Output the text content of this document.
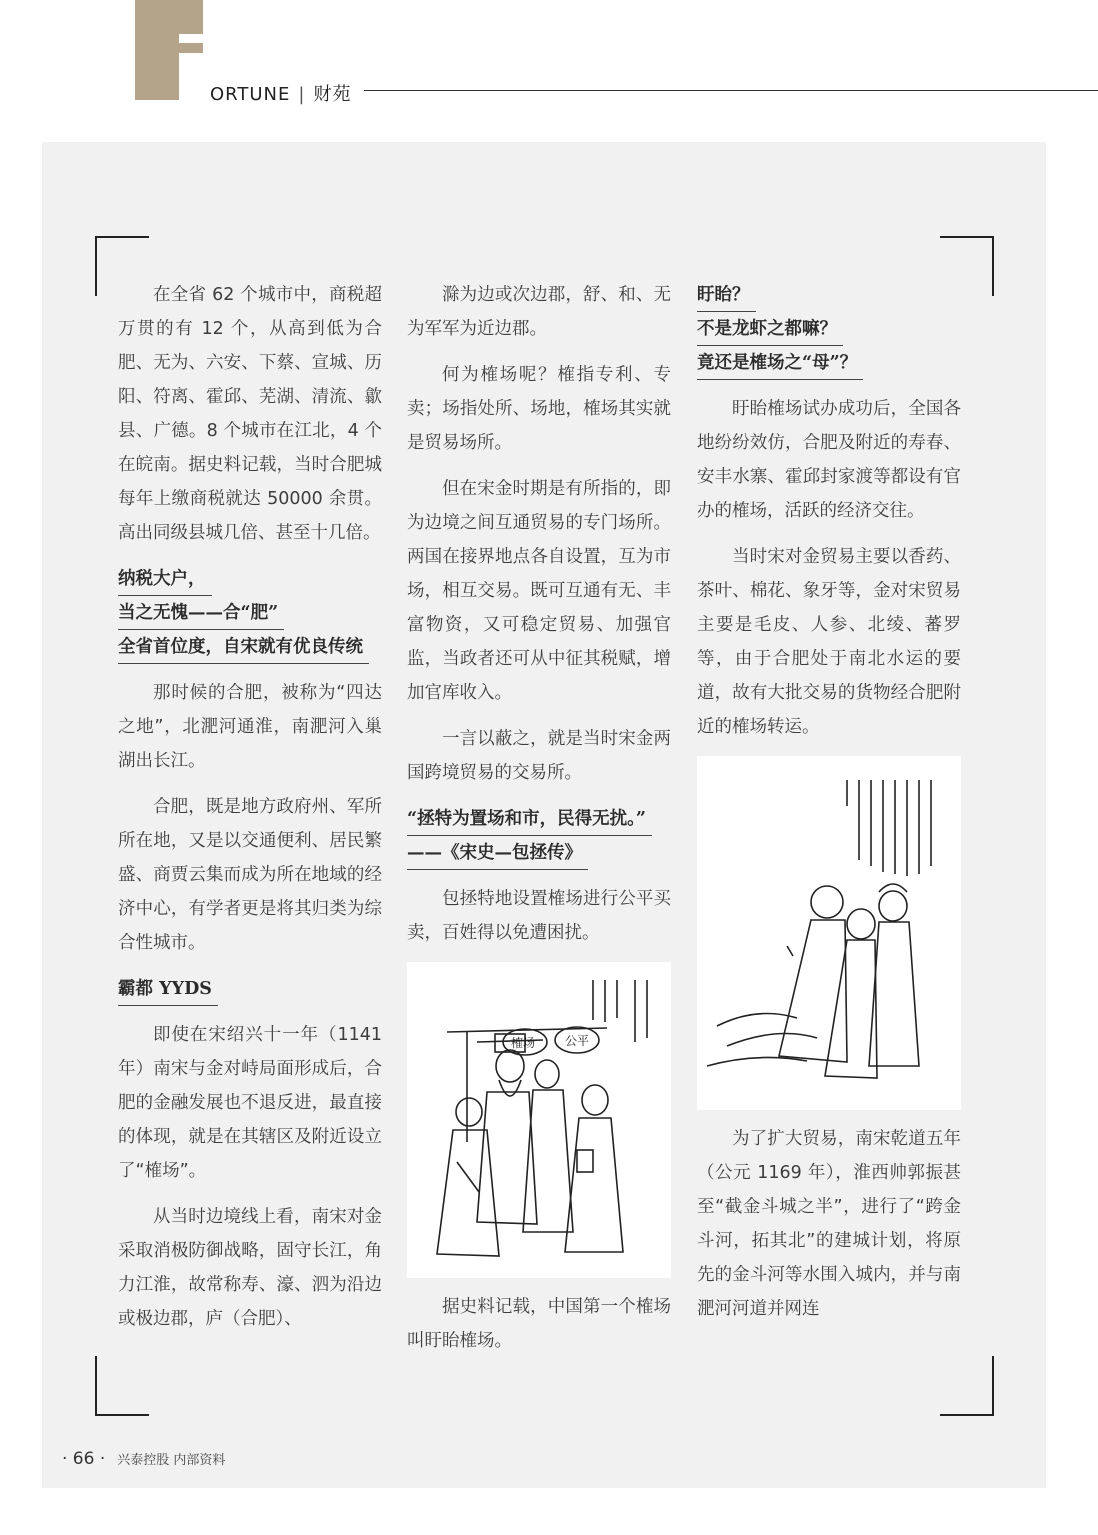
ORTUNE | 财苑

在全省 62 个城市中，商税超万贯的有 12 个，从高到低为合肥、无为、六安、下蔡、宣城、历阳、符离、霍邱、芜湖、清流、歙县、广德。8 个城市在江北，4 个在皖南。据史料记载，当时合肥城每年上缴商税就达 50000 余贯。高出同级县城几倍、甚至十几倍。

纳税大户，
当之无愧——合“肥”
全省首位度，自宋就有优良传统

那时候的合肥，被称为“四达之地”，北淝河通淮，南淝河入巢湖出长江。

合肥，既是地方政府州、军所所在地，又是以交通便利、居民繁盛、商贾云集而成为所在地域的经济中心，有学者更是将其归类为综合性城市。

霸都 YYDS

即使在宋绍兴十一年（1141年）南宋与金对峙局面形成后，合肥的金融发展也不退反进，最直接的体现，就是在其辖区及附近设立了“榷场”。

从当时边境线上看，南宋对金采取消极防御战略，固守长江，角力江淮，故常称寿、濠、泗为沿边或极边郡，庐（合肥）、

滁为边或次边郡，舒、和、无为军军为近边郡。

何为榷场呢？榷指专利、专卖；场指处所、场地，榷场其实就是贸易场所。

但在宋金时期是有所指的，即为边境之间互通贸易的专门场所。两国在接界地点各自设置，互为市场，相互交易。既可互通有无、丰富物资，又可稳定贸易、加强官监，当政者还可从中征其税赋，增加官库收入。

一言以蔽之，就是当时宋金两国跨境贸易的交易所。

“拯特为置场和市，民得无扰。”
——《宋史—包拯传》

包拯特地设置榷场进行公平买卖，百姓得以免遭困扰。

榷场 公平

据史料记载，中国第一个榷场叫盱眙榷场。

盱眙？
不是龙虾之都嘛？
竟还是榷场之“母”？

盱眙榷场试办成功后，全国各地纷纷效仿，合肥及附近的寿春、安丰水寨、霍邱封家渡等都设有官办的榷场，活跃的经济交往。

当时宋对金贸易主要以香药、茶叶、棉花、象牙等，金对宋贸易主要是毛皮、人参、北绫、蕃罗等，由于合肥处于南北水运的要道，故有大批交易的货物经合肥附近的榷场转运。

为了扩大贸易，南宋乾道五年（公元 1169 年），淮西帅郭振甚至“截金斗城之半”，进行了“跨金斗河，拓其北”的建城计划，将原先的金斗河等水围入城内，并与南淝河河道并网连

· 66 · 兴泰控股 内部资料
